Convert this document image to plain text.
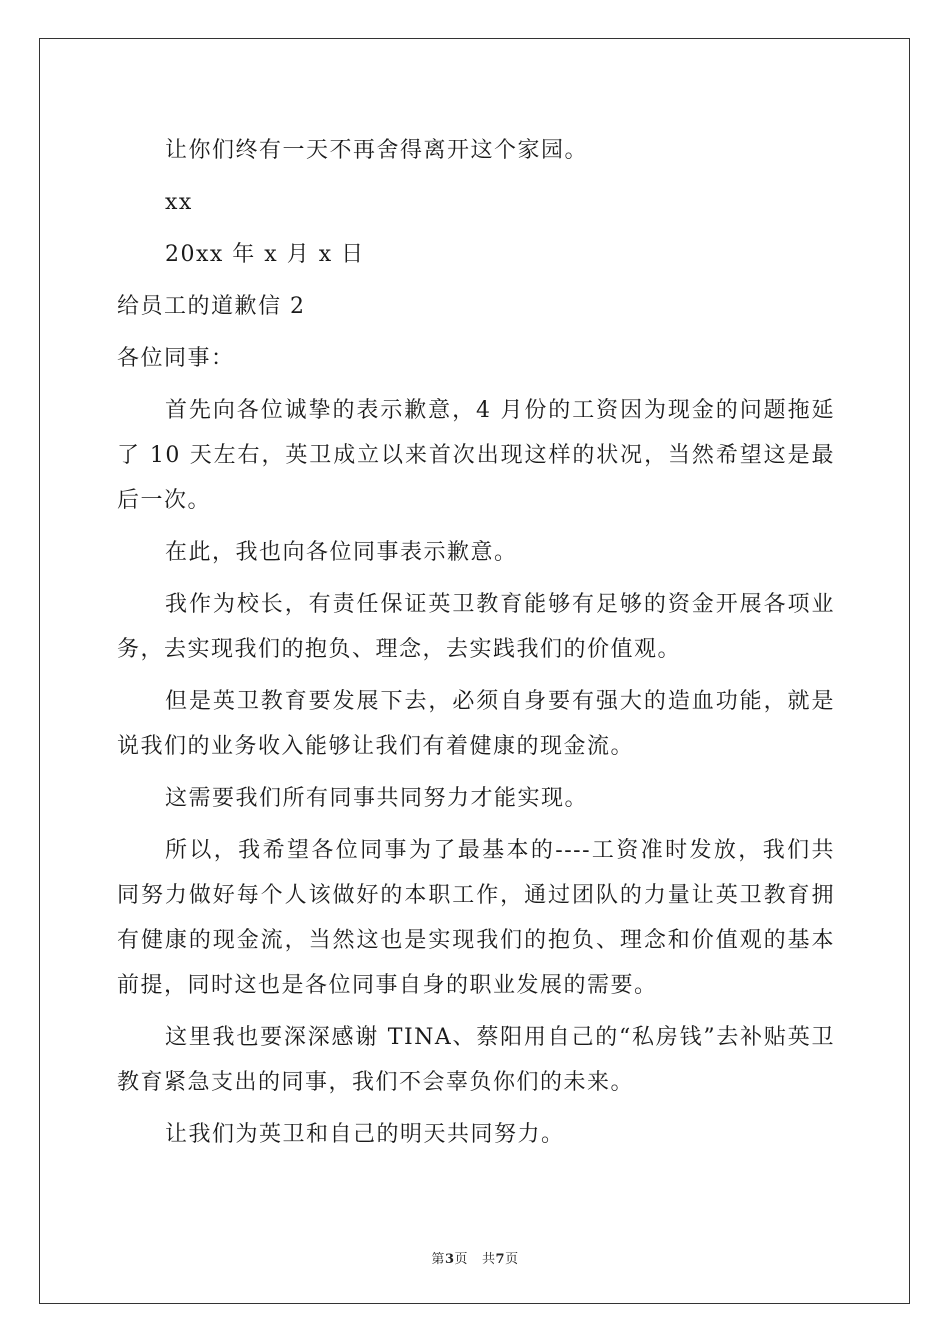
让你们终有一天不再舍得离开这个家园。

xx

20xx 年 x 月 x 日

给员工的道歉信 2

各位同事：

首先向各位诚挚的表示歉意，4 月份的工资因为现金的问题拖延了 10 天左右，英卫成立以来首次出现这样的状况，当然希望这是最后一次。

在此，我也向各位同事表示歉意。

我作为校长，有责任保证英卫教育能够有足够的资金开展各项业务，去实现我们的抱负、理念，去实践我们的价值观。

但是英卫教育要发展下去，必须自身要有强大的造血功能，就是说我们的业务收入能够让我们有着健康的现金流。

这需要我们所有同事共同努力才能实现。

所以，我希望各位同事为了最基本的----工资准时发放，我们共同努力做好每个人该做好的本职工作，通过团队的力量让英卫教育拥有健康的现金流，当然这也是实现我们的抱负、理念和价值观的基本前提，同时这也是各位同事自身的职业发展的需要。

这里我也要深深感谢 TINA、蔡阳用自己的“私房钱”去补贴英卫教育紧急支出的同事，我们不会辜负你们的未来。

让我们为英卫和自己的明天共同努力。

第3页 共7页
